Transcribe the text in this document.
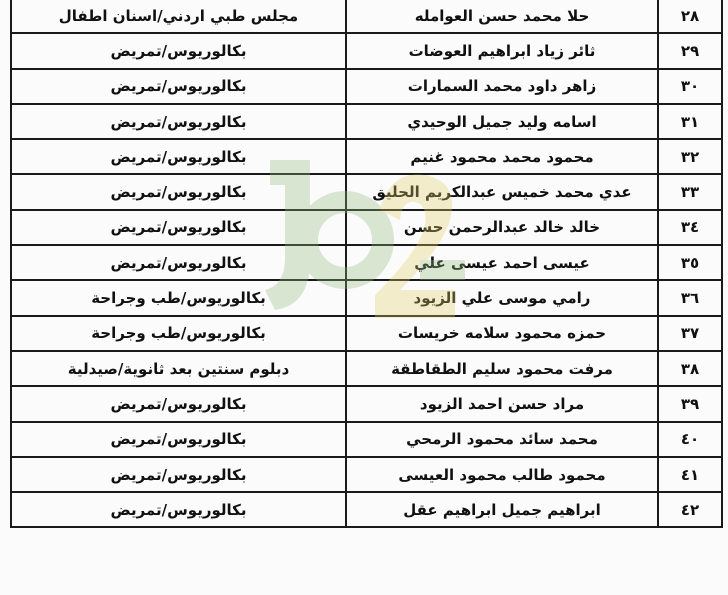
٢٨	حلا محمد حسن العوامله	مجلس طبي اردني/اسنان اطفال
٢٩	ثائر زياد ابراهيم العوضات	بكالوريوس/تمريض
٣٠	زاهر داود محمد السمارات	بكالوريوس/تمريض
٣١	اسامه وليد جميل الوحيدي	بكالوريوس/تمريض
٣٢	محمود محمد محمود غنيم	بكالوريوس/تمريض
٣٣	عدي محمد خميس عبدالكريم الحليق	بكالوريوس/تمريض
٣٤	خالد خالد عبدالرحمن حسن	بكالوريوس/تمريض
٣٥	عيسى احمد عيسى علي	بكالوريوس/تمريض
٣٦	رامي موسى علي الزيود	بكالوريوس/طب وجراحة
٣٧	حمزه محمود سلامه خريسات	بكالوريوس/طب وجراحة
٣٨	مرفت محمود سليم الطقاطقة	دبلوم سنتين بعد ثانوية/صيدلية
٣٩	مراد حسن احمد الزيود	بكالوريوس/تمريض
٤٠	محمد سائد محمود الرمحي	بكالوريوس/تمريض
٤١	محمود طالب محمود العيسى	بكالوريوس/تمريض
٤٢	ابراهيم جميل ابراهيم عقل	بكالوريوس/تمريض
